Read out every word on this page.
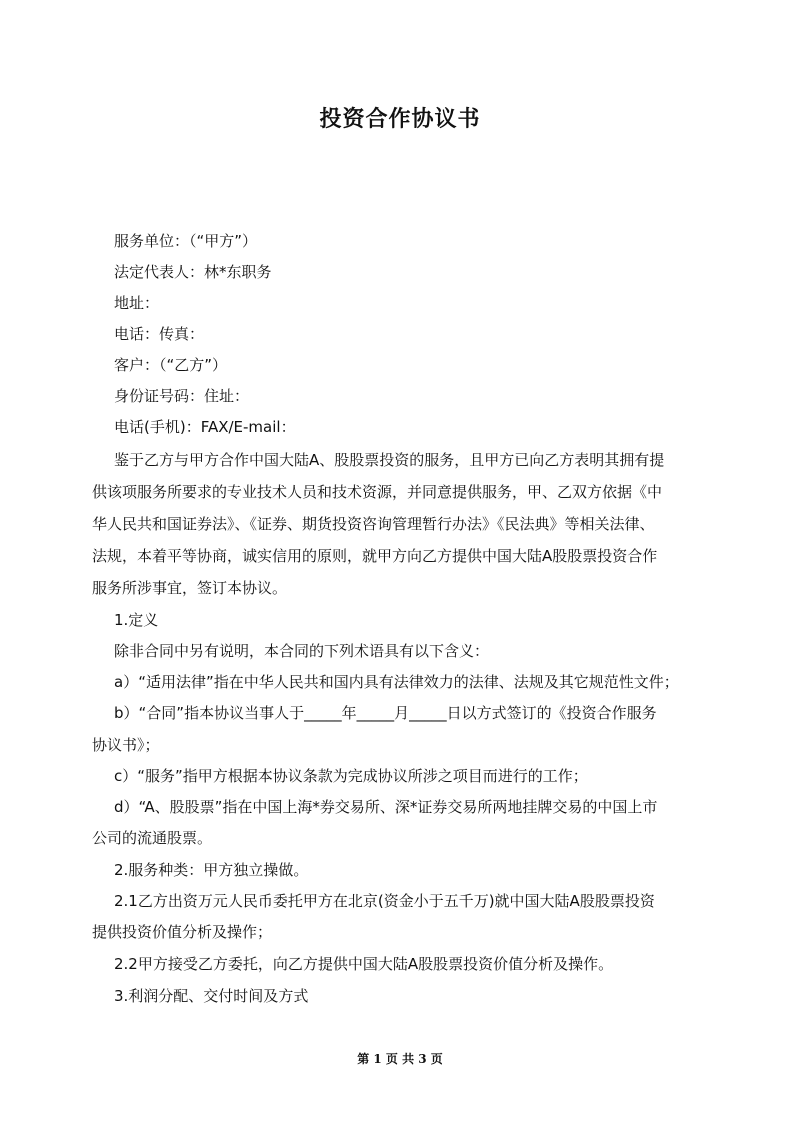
投资合作协议书
服务单位：（“甲方”）
法定代表人：林*东职务
地址：
电话：传真：
客户：（“乙方”）
身份证号码：住址：
电话(手机)：FAX/E-mail：
鉴于乙方与甲方合作中国大陆A、股股票投资的服务，且甲方已向乙方表明其拥有提
供该项服务所要求的专业技术人员和技术资源，并同意提供服务，甲、乙双方依据《中
华人民共和国证券法》、《证券、期货投资咨询管理暂行办法》《民法典》等相关法律、
法规，本着平等协商，诚实信用的原则，就甲方向乙方提供中国大陆A股股票投资合作
服务所涉事宜，签订本协议。
1.定义
除非合同中另有说明，本合同的下列术语具有以下含义：
a）“适用法律”指在中华人民共和国内具有法律效力的法律、法规及其它规范性文件；
b）“合同”指本协议当事人于_____年_____月_____日以方式签订的《投资合作服务
协议书》；
c）“服务”指甲方根据本协议条款为完成协议所涉之项目而进行的工作；
d）“A、股股票”指在中国上海*券交易所、深*证券交易所两地挂牌交易的中国上市
公司的流通股票。
2.服务种类：甲方独立操做。
2.1乙方出资万元人民币委托甲方在北京(资金小于五千万)就中国大陆A股股票投资
提供投资价值分析及操作；
2.2甲方接受乙方委托，向乙方提供中国大陆A股股票投资价值分析及操作。
3.利润分配、交付时间及方式
第 1 页 共 3 页
